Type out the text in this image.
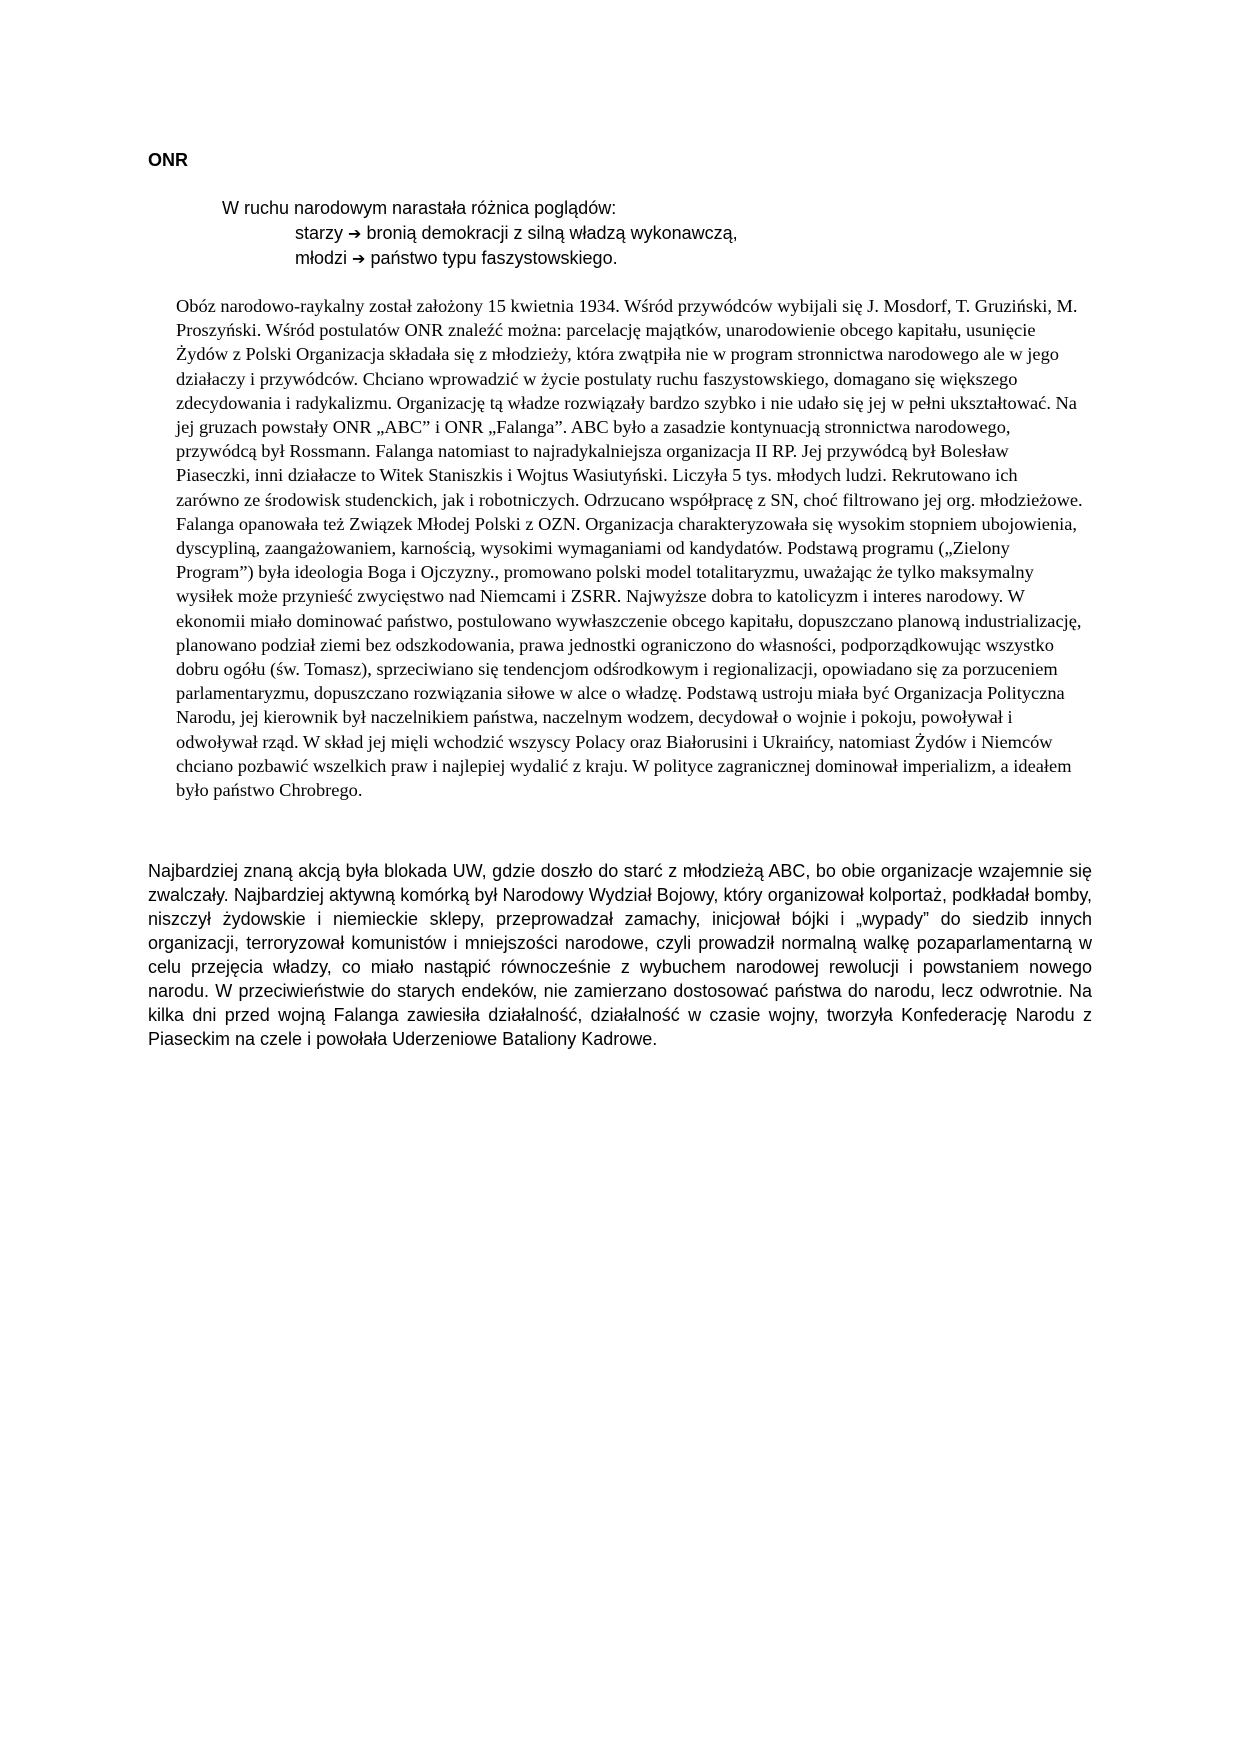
ONR
W ruchu narodowym narastała różnica poglądów:
starzy ➔ bronią demokracji z silną władzą wykonawczą,
młodzi ➔ państwo typu faszystowskiego.

Obóz narodowo-raykalny został założony 15 kwietnia 1934. Wśród przywódców wybijali się J. Mosdorf, T. Gruziński, M. Proszyński. Wśród postulatów ONR znaleźć można: parcelację majątków, unarodowienie obcego kapitału, usunięcie Żydów z Polski Organizacja składała się z młodzieży, która zwątpiła nie w program stronnictwa narodowego ale w jego działaczy i przywódców. Chciano wprowadzić w życie postulaty ruchu faszystowskiego, domagano się większego zdecydowania i radykalizmu. Organizację tą władze rozwiązały bardzo szybko i nie udało się jej w pełni ukształtować. Na jej gruzach powstały ONR „ABC” i ONR „Falanga”. ABC było a zasadzie kontynuacją stronnictwa narodowego, przywódcą był Rossmann. Falanga natomiast to najradykalniejsza organizacja II RP. Jej przywódcą był Bolesław Piaseczki, inni działacze to Witek Staniszkis i Wojtus Wasiutyński. Liczyła 5 tys. młodych ludzi. Rekrutowano ich zarówno ze środowisk studenckich, jak i robotniczych. Odrzucano współpracę z SN, choć filtrowano jej org. młodzieżowe. Falanga opanowała też Związek Młodej Polski z OZN. Organizacja charakteryzowała się wysokim stopniem ubojowienia, dyscypliną, zaangażowaniem, karnością, wysokimi wymaganiami od kandydatów. Podstawą programu („Zielony Program”) była ideologia Boga i Ojczyzny., promowano polski model totalitaryzmu, uważając że tylko maksymalny wysiłek może przynieść zwycięstwo nad Niemcami i ZSRR. Najwyższe dobra to katolicyzm i interes narodowy. W ekonomii miało dominować państwo, postulowano wywłaszczenie obcego kapitału, dopuszczano planową industrializację, planowano podział ziemi bez odszkodowania, prawa jednostki ograniczono do własności, podporządkowując wszystko dobru ogółu (św. Tomasz), sprzeciwiano się tendencjom odśrodkowym i regionalizacji, opowiadano się za porzuceniem parlamentaryzmu, dopuszczano rozwiązania siłowe w alce o władzę. Podstawą ustroju miała być Organizacja Polityczna Narodu, jej kierownik był naczelnikiem państwa, naczelnym wodzem, decydował o wojnie i pokoju, powoływał i odwoływał rząd. W skład jej mięli wchodzić wszyscy Polacy oraz Białorusini i Ukraińcy, natomiast Żydów i Niemców chciano pozbawić wszelkich praw i najlepiej wydalić z kraju. W polityce zagranicznej dominował imperializm, a ideałem było państwo Chrobrego.

Najbardziej znaną akcją była blokada UW, gdzie doszło do starć z młodzieżą ABC, bo obie organizacje wzajemnie się zwalczały. Najbardziej aktywną komórką był Narodowy Wydział Bojowy, który organizował kolportaż, podkładał bomby, niszczył żydowskie i niemieckie sklepy, przeprowadzał zamachy, inicjował bójki i „wypady” do siedzib innych organizacji, terroryzował komunistów i mniejszości narodowe, czyli prowadził normalną walkę pozaparlamentarną w celu przejęcia władzy, co miało nastąpić równocześnie z wybuchem narodowej rewolucji i powstaniem nowego narodu. W przeciwieństwie do starych endeków, nie zamierzano dostosować państwa do narodu, lecz odwrotnie. Na kilka dni przed wojną Falanga zawiesiła działalność, działalność w czasie wojny, tworzyła Konfederację Narodu z Piaseckim na czele i powołała Uderzeniowe Bataliony Kadrowe.
